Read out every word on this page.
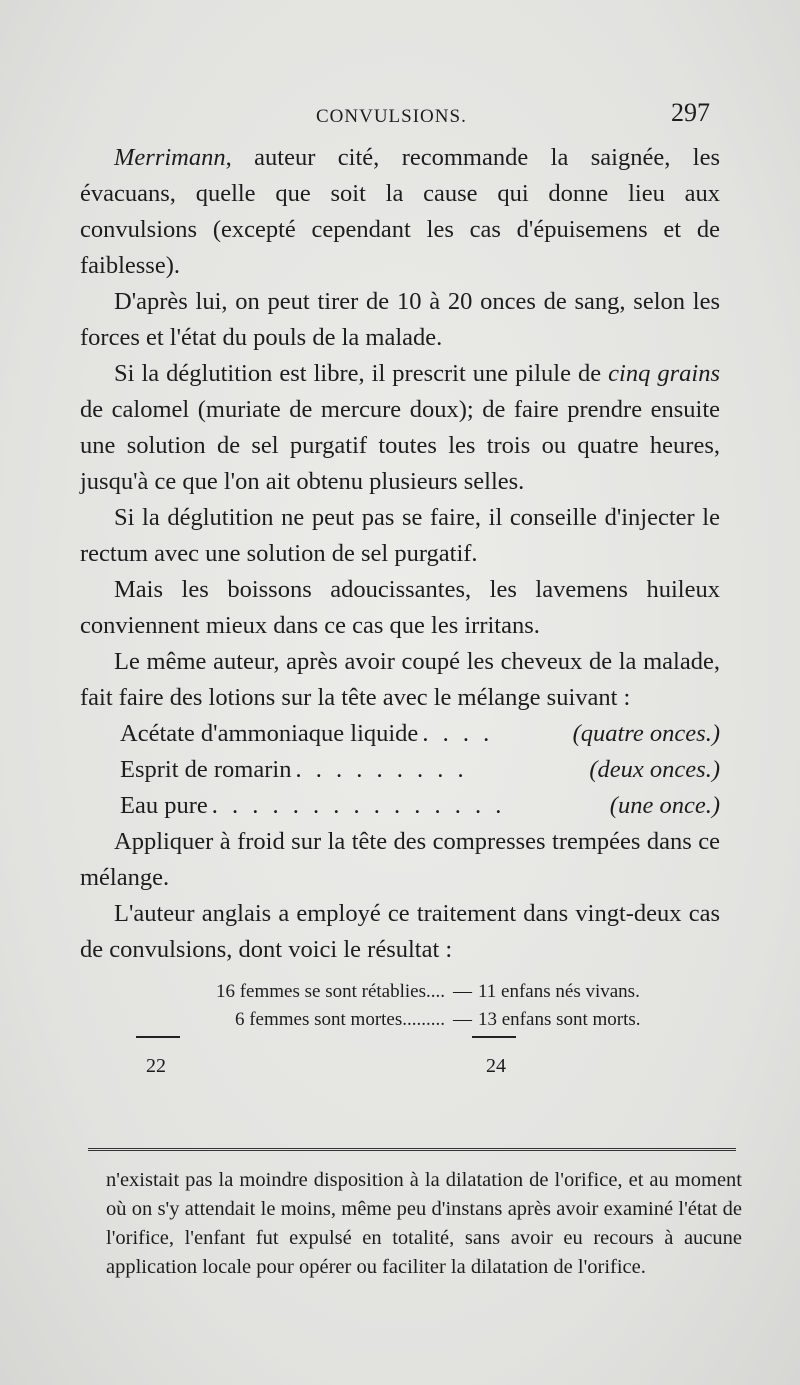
CONVULSIONS.	297

Merrimann, auteur cité, recommande la saignée, les évacuans, quelle que soit la cause qui donne lieu aux convulsions (excepté cependant les cas d'épuisemens et de faiblesse).

D'après lui, on peut tirer de 10 à 20 onces de sang, selon les forces et l'état du pouls de la malade.

Si la déglutition est libre, il prescrit une pilule de cinq grains de calomel (muriate de mercure doux); de faire prendre ensuite une solution de sel purgatif toutes les trois ou quatre heures, jusqu'à ce que l'on ait obtenu plusieurs selles.

Si la déglutition ne peut pas se faire, il conseille d'injecter le rectum avec une solution de sel purgatif.

Mais les boissons adoucissantes, les lavemens huileux conviennent mieux dans ce cas que les irritans.

Le même auteur, après avoir coupé les cheveux de la malade, fait faire des lotions sur la tête avec le mélange suivant :

Acétate d'ammoniaque liquide . . . .	(quatre onces.)
Esprit de romarin . . . . . . . . .	(deux onces.)
Eau pure . . . . . . . . . . . . . . .	(une once.)

Appliquer à froid sur la tête des compresses trempées dans ce mélange.

L'auteur anglais a employé ce traitement dans vingt-deux cas de convulsions, dont voici le résultat :

16 femmes se sont rétablies.... — 11 enfans nés vivans.
6 femmes sont mortes......... — 13 enfans sont morts.
22	24

n'existait pas la moindre disposition à la dilatation de l'orifice, et au moment où on s'y attendait le moins, même peu d'instans après avoir examiné l'état de l'orifice, l'enfant fut expulsé en totalité, sans avoir eu recours à aucune application locale pour opérer ou faciliter la dilatation de l'orifice.
